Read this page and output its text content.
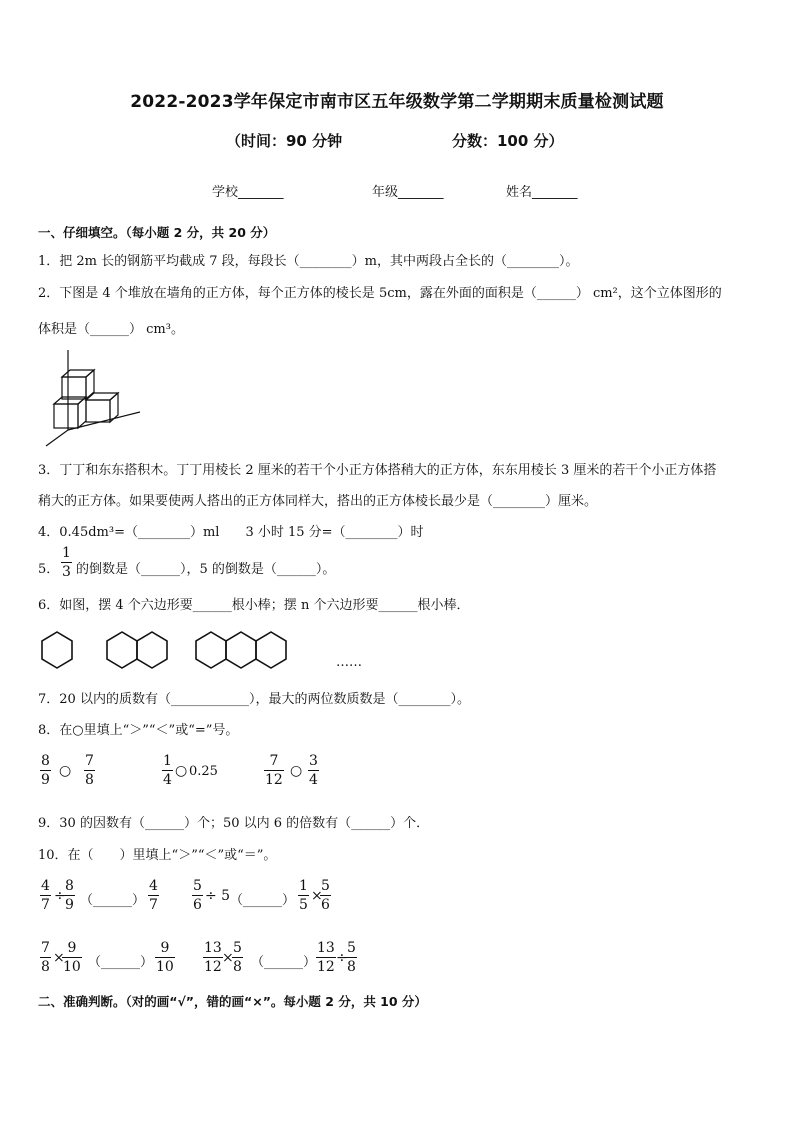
2022-2023学年保定市南市区五年级数学第二学期期末质量检测试题
（时间：90 分钟	分数：100 分）
学校_______	年级_______	姓名_______
一、仔细填空。（每小题 2 分，共 20 分）
1．把 2m 长的钢筋平均截成 7 段，每段长（________）m，其中两段占全长的（________）。
2．下图是 4 个堆放在墙角的正方体，每个正方体的棱长是 5cm，露在外面的面积是（______） cm²，这个立体图形的
体积是（______） cm³。
3．丁丁和东东搭积木。丁丁用棱长 2 厘米的若干个小正方体搭稍大的正方体，东东用棱长 3 厘米的若干个小正方体搭
稍大的正方体。如果要使两人搭出的正方体同样大，搭出的正方体棱长最少是（________）厘米。
4．0.45dm³=（________）ml　　3 小时 15 分=（________）时
5． $\frac{1}{3}$ 的倒数是（______），5 的倒数是（______）。
6．如图，摆 4 个六边形要______根小棒；摆 n 个六边形要______根小棒．
……
7．20 以内的质数有（____________），最大的两位数质数是（________）。
8．在○里填上“＞”“＜”或“=”号。
8
9
○
7
8
1
4
○ 0.25
7
12
○
3
4
9．30 的因数有（______）个；50 以内 6 的倍数有（______）个．
10．在（　　）里填上“＞”“＜”或“＝”。
4
7
÷
8
9 （______）
4
7
5
6
÷ 5 （______）
1
5
×
5
6
7
8
×
9
10 （______）
9
10
13
12
×
5
8 （______）
13
12
÷
5
8
二、准确判断。（对的画“√”，错的画“×”。每小题 2 分，共 10 分）
